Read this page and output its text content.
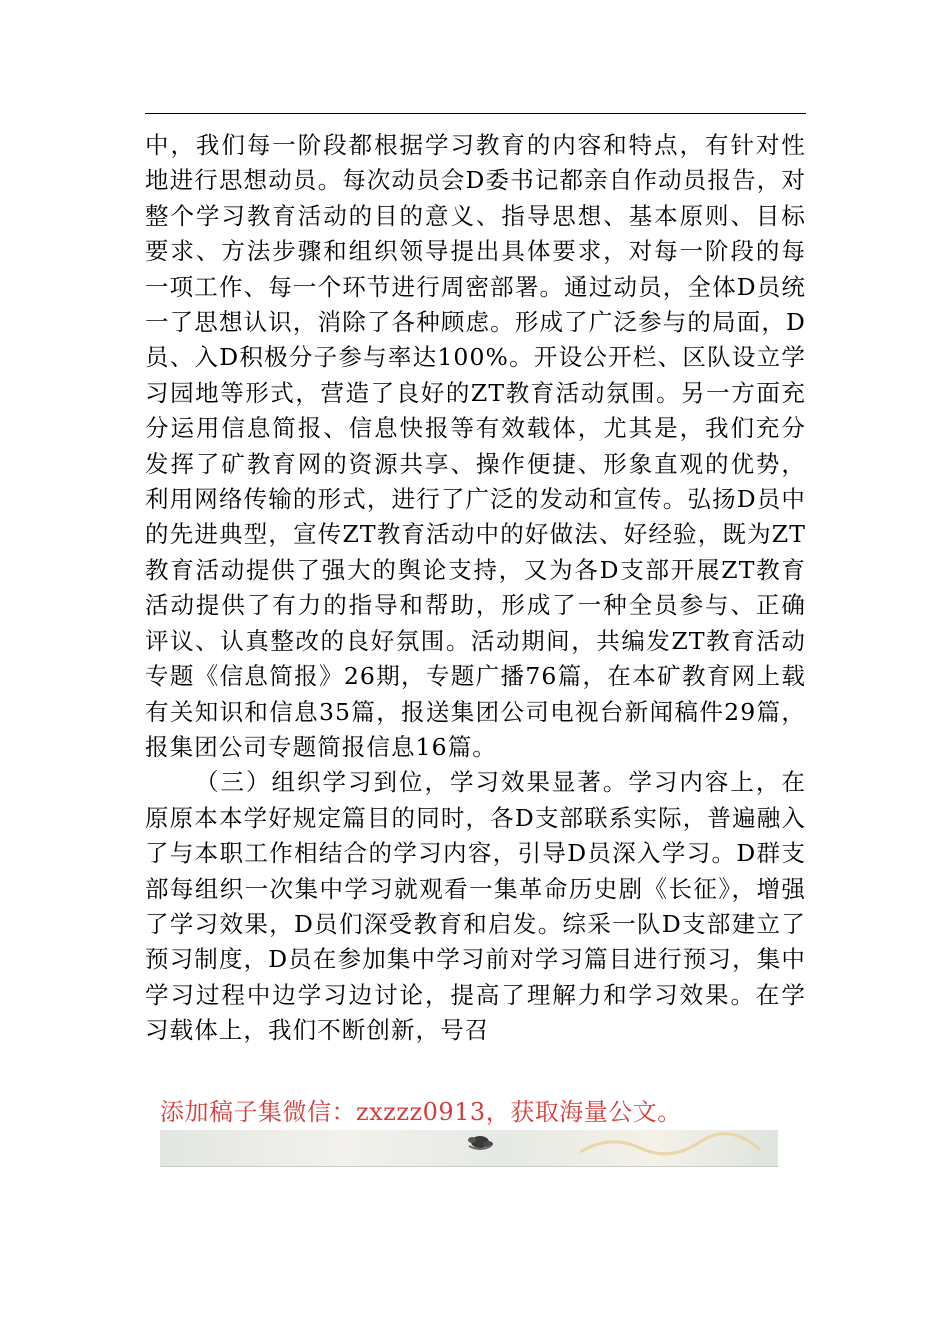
中，我们每一阶段都根据学习教育的内容和特点，有针对性地进行思想动员。每次动员会D委书记都亲自作动员报告，对整个学习教育活动的目的意义、指导思想、基本原则、目标要求、方法步骤和组织领导提出具体要求，对每一阶段的每一项工作、每一个环节进行周密部署。通过动员，全体D员统一了思想认识，消除了各种顾虑。形成了广泛参与的局面，D员、入D积极分子参与率达100%。开设公开栏、区队设立学习园地等形式，营造了良好的ZT教育活动氛围。另一方面充分运用信息简报、信息快报等有效载体，尤其是，我们充分发挥了矿教育网的资源共享、操作便捷、形象直观的优势，利用网络传输的形式，进行了广泛的发动和宣传。弘扬D员中的先进典型，宣传ZT教育活动中的好做法、好经验，既为ZT教育活动提供了强大的舆论支持，又为各D支部开展ZT教育活动提供了有力的指导和帮助，形成了一种全员参与、正确评议、认真整改的良好氛围。活动期间，共编发ZT教育活动专题《信息简报》26期，专题广播76篇，在本矿教育网上载有关知识和信息35篇，报送集团公司电视台新闻稿件29篇，报集团公司专题简报信息16篇。

（三）组织学习到位，学习效果显著。学习内容上，在原原本本学好规定篇目的同时，各D支部联系实际，普遍融入了与本职工作相结合的学习内容，引导D员深入学习。D群支部每组织一次集中学习就观看一集革命历史剧《长征》，增强了学习效果，D员们深受教育和启发。综采一队D支部建立了预习制度，D员在参加集中学习前对学习篇目进行预习，集中学习过程中边学习边讨论，提高了理解力和学习效果。在学习载体上，我们不断创新，号召

添加稿子集微信：zxzzz0913，获取海量公文。
